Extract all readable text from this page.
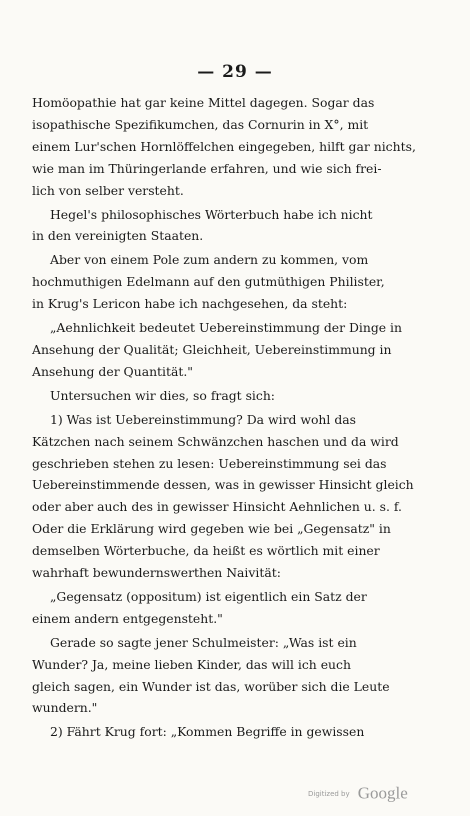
— 29 —

Homöopathie hat gar keine Mittel dagegen. Sogar das
isopathische Spezifikumchen, das Cornurin in X°, mit
einem Lur'schen Hornlöffelchen eingegeben, hilft gar nichts,
wie man im Thüringerlande erfahren, und wie sich frei-
lich von selber versteht.

Hegel's philosophisches Wörterbuch habe ich nicht
in den vereinigten Staaten.

Aber von einem Pole zum andern zu kommen, vom
hochmuthigen Edelmann auf den gutmüthigen Philister,
in Krug's Lericon habe ich nachgesehen, da steht:

„Aehnlichkeit bedeutet Uebereinstimmung der Dinge in
Ansehung der Qualität; Gleichheit, Uebereinstimmung in
Ansehung der Quantität."

Untersuchen wir dies, so fragt sich:

1) Was ist Uebereinstimmung? Da wird wohl das
Kätzchen nach seinem Schwänzchen haschen und da wird
geschrieben stehen zu lesen: Uebereinstimmung sei das
Uebereinstimmende dessen, was in gewisser Hinsicht gleich
oder aber auch des in gewisser Hinsicht Aehnlichen u. s. f.
Oder die Erklärung wird gegeben wie bei „Gegensatz" in
demselben Wörterbuche, da heißt es wörtlich mit einer
wahrhaft bewundernswerthen Naivität:

„Gegensatz (oppositum) ist eigentlich ein Satz der
einem andern entgegensteht."

Gerade so sagte jener Schulmeister: „Was ist ein
Wunder? Ja, meine lieben Kinder, das will ich euch
gleich sagen, ein Wunder ist das, worüber sich die Leute
wundern."

2) Fährt Krug fort: „Kommen Begriffe in gewissen

Digitized by Google
